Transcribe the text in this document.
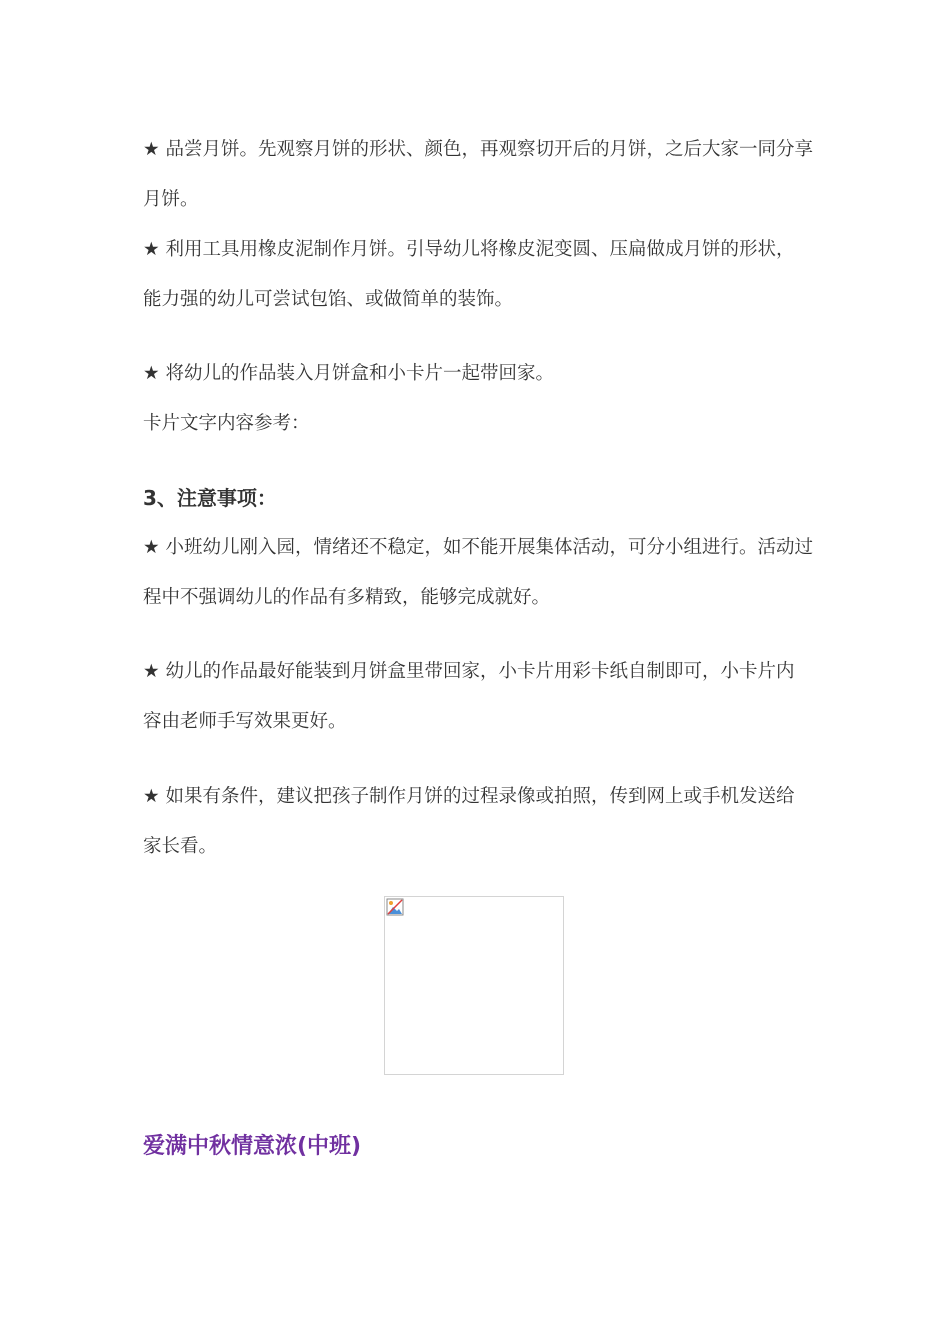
★ 品尝月饼。先观察月饼的形状、颜色，再观察切开后的月饼，之后大家一同分享
月饼。
★ 利用工具用橡皮泥制作月饼。引导幼儿将橡皮泥变圆、压扁做成月饼的形状，
能力强的幼儿可尝试包馅、或做简单的装饰。
★ 将幼儿的作品装入月饼盒和小卡片一起带回家。
卡片文字内容参考：
3、注意事项：
★ 小班幼儿刚入园，情绪还不稳定，如不能开展集体活动，可分小组进行。活动过
程中不强调幼儿的作品有多精致，能够完成就好。
★ 幼儿的作品最好能装到月饼盒里带回家，小卡片用彩卡纸自制即可，小卡片内
容由老师手写效果更好。
★ 如果有条件，建议把孩子制作月饼的过程录像或拍照，传到网上或手机发送给
家长看。
爱满中秋情意浓(中班)
